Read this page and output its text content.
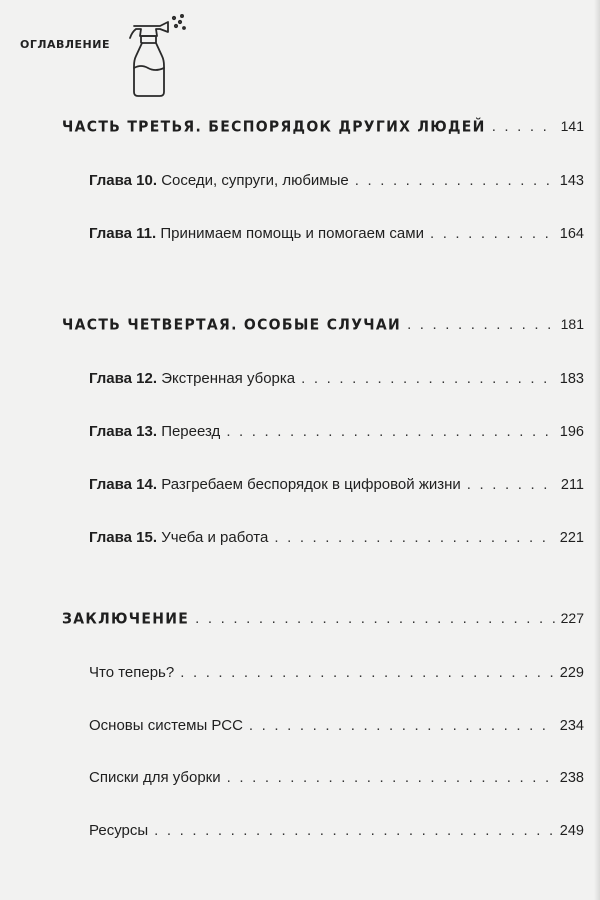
ОГЛАВЛЕНИЕ
ЧАСТЬ ТРЕТЬЯ. БЕСПОРЯДОК ДРУГИХ ЛЮДЕЙ . . .	141
Глава 10. Соседи, супруги, любимые . . .	143
Глава 11. Принимаем помощь и помогаем сами . . .	164
ЧАСТЬ ЧЕТВЕРТАЯ. ОСОБЫЕ СЛУЧАИ . . .	181
Глава 12. Экстренная уборка . . .	183
Глава 13. Переезд . . .	196
Глава 14. Разгребаем беспорядок в цифровой жизни . . .	211
Глава 15. Учеба и работа . . .	221
ЗАКЛЮЧЕНИЕ . . .	227
Что теперь? . . .	229
Основы системы РСС . . .	234
Списки для уборки . . .	238
Ресурсы . . .	249
